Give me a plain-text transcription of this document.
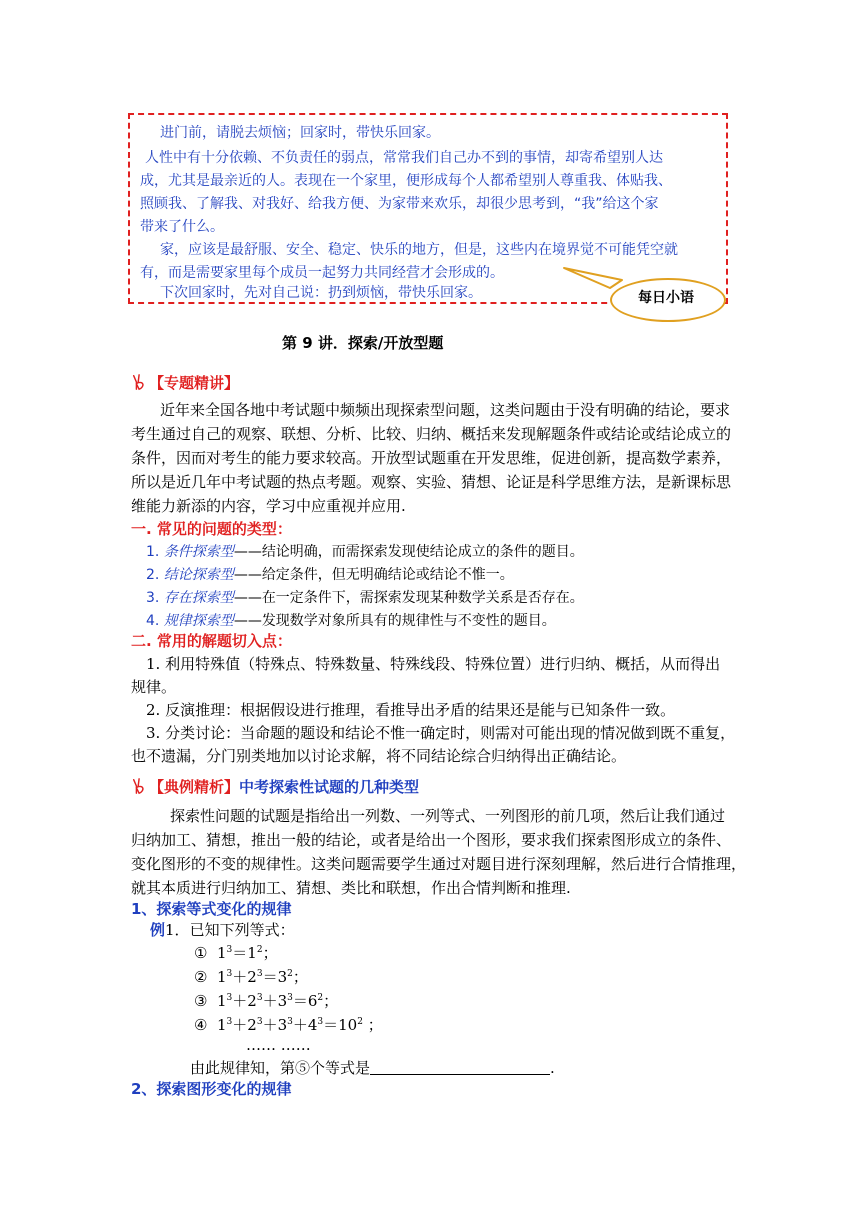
进门前，请脱去烦恼；回家时，带快乐回家。
人性中有十分依赖、不负责任的弱点，常常我们自己办不到的事情，却寄希望别人达
成，尤其是最亲近的人。表现在一个家里，便形成每个人都希望别人尊重我、体贴我、
照顾我、了解我、对我好、给我方便、为家带来欢乐，却很少思考到，“我”给这个家
带来了什么。
家，应该是最舒服、安全、稳定、快乐的地方，但是，这些内在境界觉不可能凭空就
有，而是需要家里每个成员一起努力共同经营才会形成的。
下次回家时，先对自己说：扔到烦恼，带快乐回家。	每日小语
第 9 讲．探索/开放型题
【专题精讲】
近年来全国各地中考试题中频频出现探索型问题，这类问题由于没有明确的结论，要求
考生通过自己的观察、联想、分析、比较、归纳、概括来发现解题条件或结论或结论成立的
条件，因而对考生的能力要求较高。开放型试题重在开发思维，促进创新，提高数学素养，
所以是近几年中考试题的热点考题。观察、实验、猜想、论证是科学思维方法，是新课标思
维能力新添的内容，学习中应重视并应用.
一. 常见的问题的类型：
1. 条件探索型——结论明确，而需探索发现使结论成立的条件的题目。
2. 结论探索型——给定条件，但无明确结论或结论不惟一。
3. 存在探索型——在一定条件下，需探索发现某种数学关系是否存在。
4. 规律探索型——发现数学对象所具有的规律性与不变性的题目。
二. 常用的解题切入点：
1. 利用特殊值（特殊点、特殊数量、特殊线段、特殊位置）进行归纳、概括，从而得出
规律。
2. 反演推理：根据假设进行推理，看推导出矛盾的结果还是能与已知条件一致。
3. 分类讨论：当命题的题设和结论不惟一确定时，则需对可能出现的情况做到既不重复，
也不遗漏，分门别类地加以讨论求解，将不同结论综合归纳得出正确结论。
【典例精析】中考探索性试题的几种类型
探索性问题的试题是指给出一列数、一列等式、一列图形的前几项，然后让我们通过
归纳加工、猜想，推出一般的结论，或者是给出一个图形，要求我们探索图形成立的条件、
变化图形的不变的规律性。这类问题需要学生通过对题目进行深刻理解，然后进行合情推理，
就其本质进行归纳加工、猜想、类比和联想，作出合情判断和推理.
1、探索等式变化的规律
例1．已知下列等式：
① $1^3=1^2$；
② $1^3+2^3=3^2$；
③ $1^3+2^3+3^3=6^2$；
④ $1^3+2^3+3^3+4^3=10^2$ ；
…… ……
由此规律知，第⑤个等式是	.
2、探索图形变化的规律
